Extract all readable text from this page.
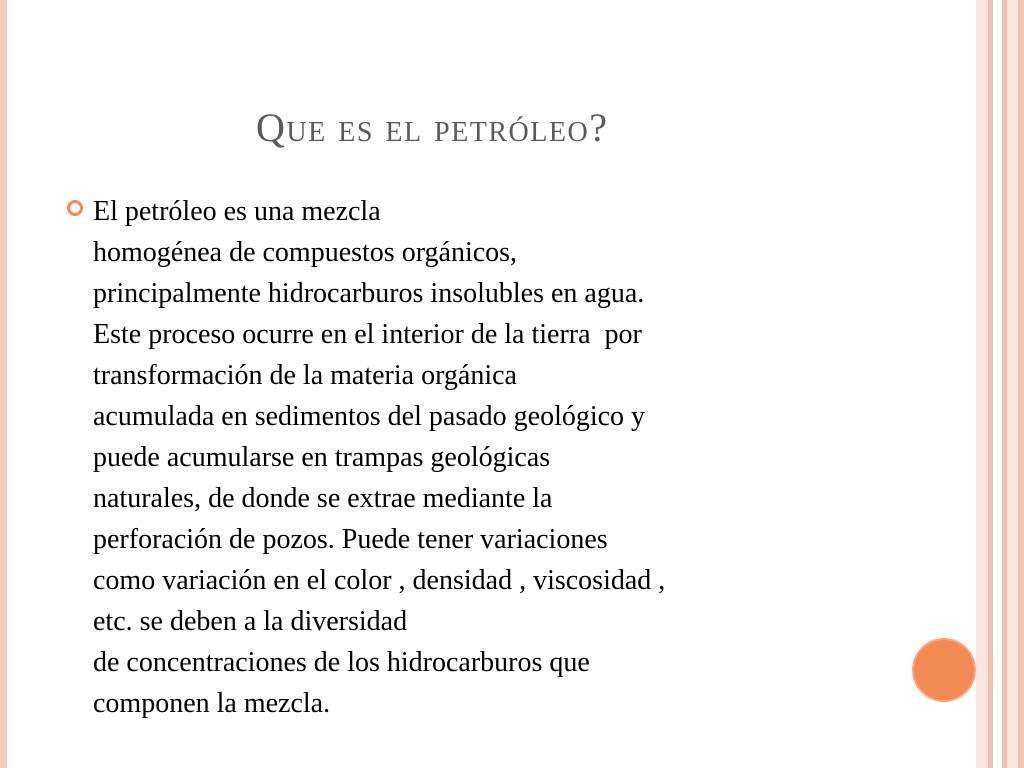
Que es el petróleo?
El petróleo es una mezcla
homogénea de compuestos orgánicos,
principalmente hidrocarburos insolubles en agua.
Este proceso ocurre en el interior de la tierra  por
transformación de la materia orgánica
acumulada en sedimentos del pasado geológico y
puede acumularse en trampas geológicas
naturales, de donde se extrae mediante la
perforación de pozos. Puede tener variaciones
como variación en el color , densidad , viscosidad ,
etc. se deben a la diversidad
de concentraciones de los hidrocarburos que
componen la mezcla.
